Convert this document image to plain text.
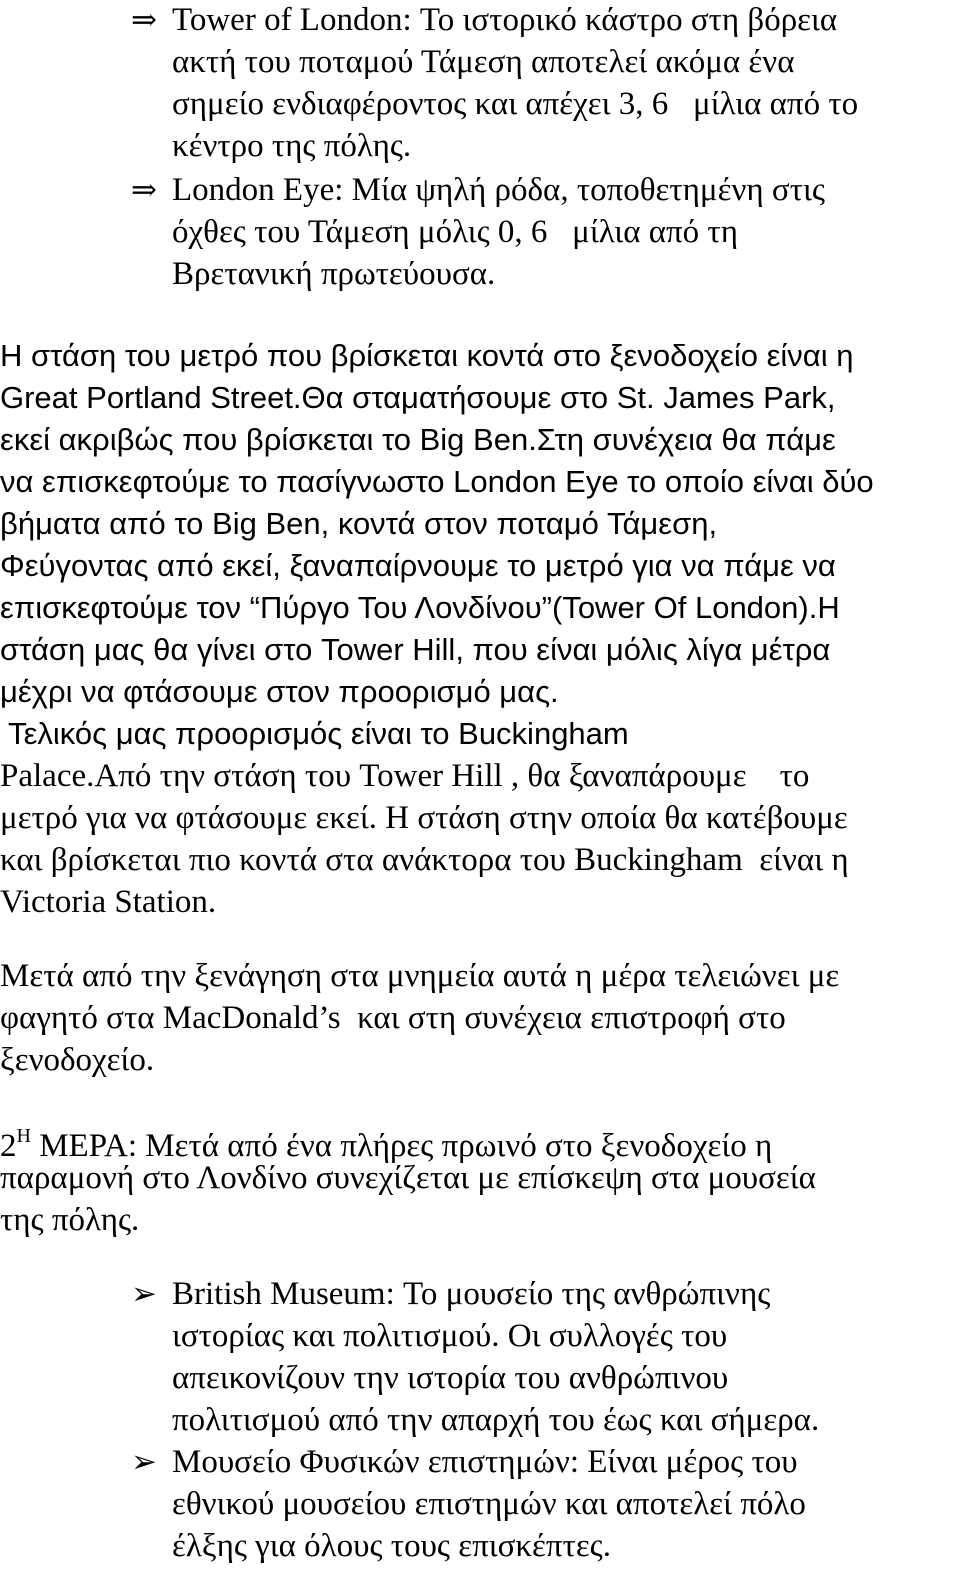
⇒ Tower of London: Το ιστορικό κάστρο στη βόρεια
ακτή του ποταμού Τάμεση αποτελεί ακόμα ένα
σημείο ενδιαφέροντος και απέχει 3, 6   μίλια από το
κέντρο της πόλης.
⇒ London Eye: Μία ψηλή ρόδα, τοποθετημένη στις
όχθες του Τάμεση μόλις 0, 6   μίλια από τη
Βρετανική πρωτεύουσα.
Η στάση του μετρό που βρίσκεται κοντά στο ξενοδοχείο είναι η
Great Portland Street.Θα σταματήσουμε στο St. James Park,
εκεί ακριβώς που βρίσκεται το Big Ben.Στη συνέχεια θα πάμε
να επισκεφτούμε το πασίγνωστο London Eye το οποίο είναι δύο
βήματα από το Big Ben, κοντά στον ποταμό Τάμεση,
Φεύγοντας από εκεί, ξαναπαίρνουμε το μετρό για να πάμε να
επισκεφτούμε τον “Πύργο Του Λονδίνου”(Tower Of London).Η
στάση μας θα γίνει στο Tower Hill, που είναι μόλις λίγα μέτρα
μέχρι να φτάσουμε στον προορισμό μας.
Τελικός μας προορισμός είναι το Buckingham
Palace.Από την στάση του Tower Hill , θα ξαναπάρουμε    το
μετρό για να φτάσουμε εκεί. Η στάση στην οποία θα κατέβουμε
και βρίσκεται πιο κοντά στα ανάκτορα του Buckingham  είναι η
Victoria Station.
Μετά από την ξενάγηση στα μνημεία αυτά η μέρα τελειώνει με
φαγητό στα MacDonald’s  και στη συνέχεια επιστροφή στο
ξενοδοχείο.
$2^H$ ΜΕΡΑ: Μετά από ένα πλήρες πρωινό στο ξενοδοχείο η
παραμονή στο Λονδίνο συνεχίζεται με επίσκεψη στα μουσεία
της πόλης.
➢ British Museum: Το μουσείο της ανθρώπινης
ιστορίας και πολιτισμού. Οι συλλογές του
απεικονίζουν την ιστορία του ανθρώπινου
πολιτισμού από την απαρχή του έως και σήμερα.
➢ Μουσείο Φυσικών επιστημών: Είναι μέρος του
εθνικού μουσείου επιστημών και αποτελεί πόλο
έλξης για όλους τους επισκέπτες.
